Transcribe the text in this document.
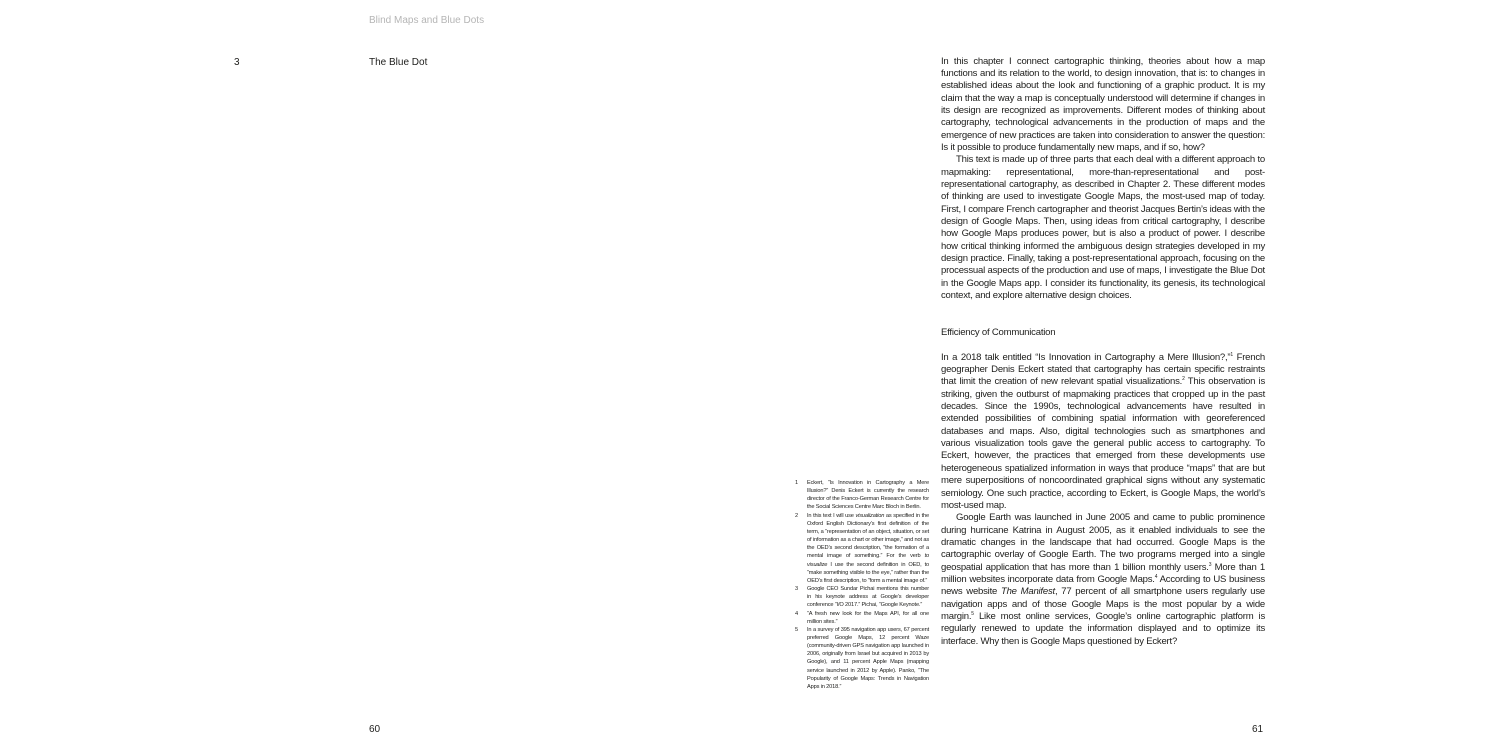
Blind Maps and Blue Dots
3	The Blue Dot	In this chapter I connect cartographic thinking, theories about how a map functions and its relation to the world, to design innovation, that is: to changes in established ideas about the look and functioning of a graphic product. It is my claim that the way a map is conceptually understood will determine if changes in its design are recognized as improvements. Different modes of thinking about cartography, technological advancements in the production of maps and the emergence of new practices are taken into consideration to answer the question: Is it possible to produce fundamentally new maps, and if so, how?

This text is made up of three parts that each deal with a different approach to mapmaking: representational, more-than-representational and post-representational cartography, as described in Chapter 2. These different modes of thinking are used to investigate Google Maps, the most-used map of today. First, I compare French cartographer and theorist Jacques Bertin’s ideas with the design of Google Maps. Then, using ideas from critical cartography, I describe how Google Maps produces power, but is also a product of power. I describe how critical thinking informed the ambiguous design strategies developed in my design practice. Finally, taking a post-representational approach, focusing on the processual aspects of the production and use of maps, I investigate the Blue Dot in the Google Maps app. I consider its functionality, its genesis, its technological context, and explore alternative design choices.

Efficiency of Communication

In a 2018 talk entitled “Is Innovation in Cartography a Mere Illusion?,”$^1$ French geographer Denis Eckert stated that cartography has certain specific restraints that limit the creation of new relevant spatial visualizations.$^2$ This observation is striking, given the outburst of mapmaking practices that cropped up in the past decades. Since the 1990s, technological advancements have resulted in extended possibilities of combining spatial information with georeferenced databases and maps. Also, digital technologies such as smartphones and various visualization tools gave the general public access to cartography. To Eckert, however, the practices that emerged from these developments use heterogeneous spatialized information in ways that produce “maps” that are but mere superpositions of noncoordinated graphical signs without any systematic semiology. One such practice, according to Eckert, is Google Maps, the world’s most-used map.

Google Earth was launched in June 2005 and came to public prominence during hurricane Katrina in August 2005, as it enabled individuals to see the dramatic changes in the landscape that had occurred. Google Maps is the cartographic overlay of Google Earth. The two programs merged into a single geospatial application that has more than 1 billion monthly users.$^3$ More than 1 million websites incorporate data from Google Maps.$^4$ According to US business news website The Manifest, 77 percent of all smartphone users regularly use navigation apps and of those Google Maps is the most popular by a wide margin.$^5$ Like most online services, Google’s online cartographic platform is regularly renewed to update the information displayed and to optimize its interface. Why then is Google Maps questioned by Eckert?

1	Eckert, “Is Innovation in Cartography a Mere Illusion?” Denis Eckert is currently the research director of the Franco-German Research Centre for the Social Sciences Centre Marc Bloch in Berlin.
2	In this text I will use visualization as specified in the Oxford English Dictionary’s first definition of the term, a “representation of an object, situation, or set of information as a chart or other image,” and not as the OED’s second description, “the formation of a mental image of something.” For the verb to visualize I use the second definition in OED, to “make something visible to the eye,” rather than the OED’s first description, to “form a mental image of.”
3	Google CEO Sundar Pichai mentions this number in his keynote address at Google’s developer conference “I/O 2017.” Pichai, “Google Keynote.”
4	“A fresh new look for the Maps API, for all one million sites.”
5	In a survey of 395 navigation app users, 67 percent preferred Google Maps, 12 percent Waze (community-driven GPS navigation app launched in 2006, originally from Israel but acquired in 2013 by Google), and 11 percent Apple Maps (mapping service launched in 2012 by Apple). Panko, “The Popularity of Google Maps: Trends in Navigation Apps in 2018.”
60	61
